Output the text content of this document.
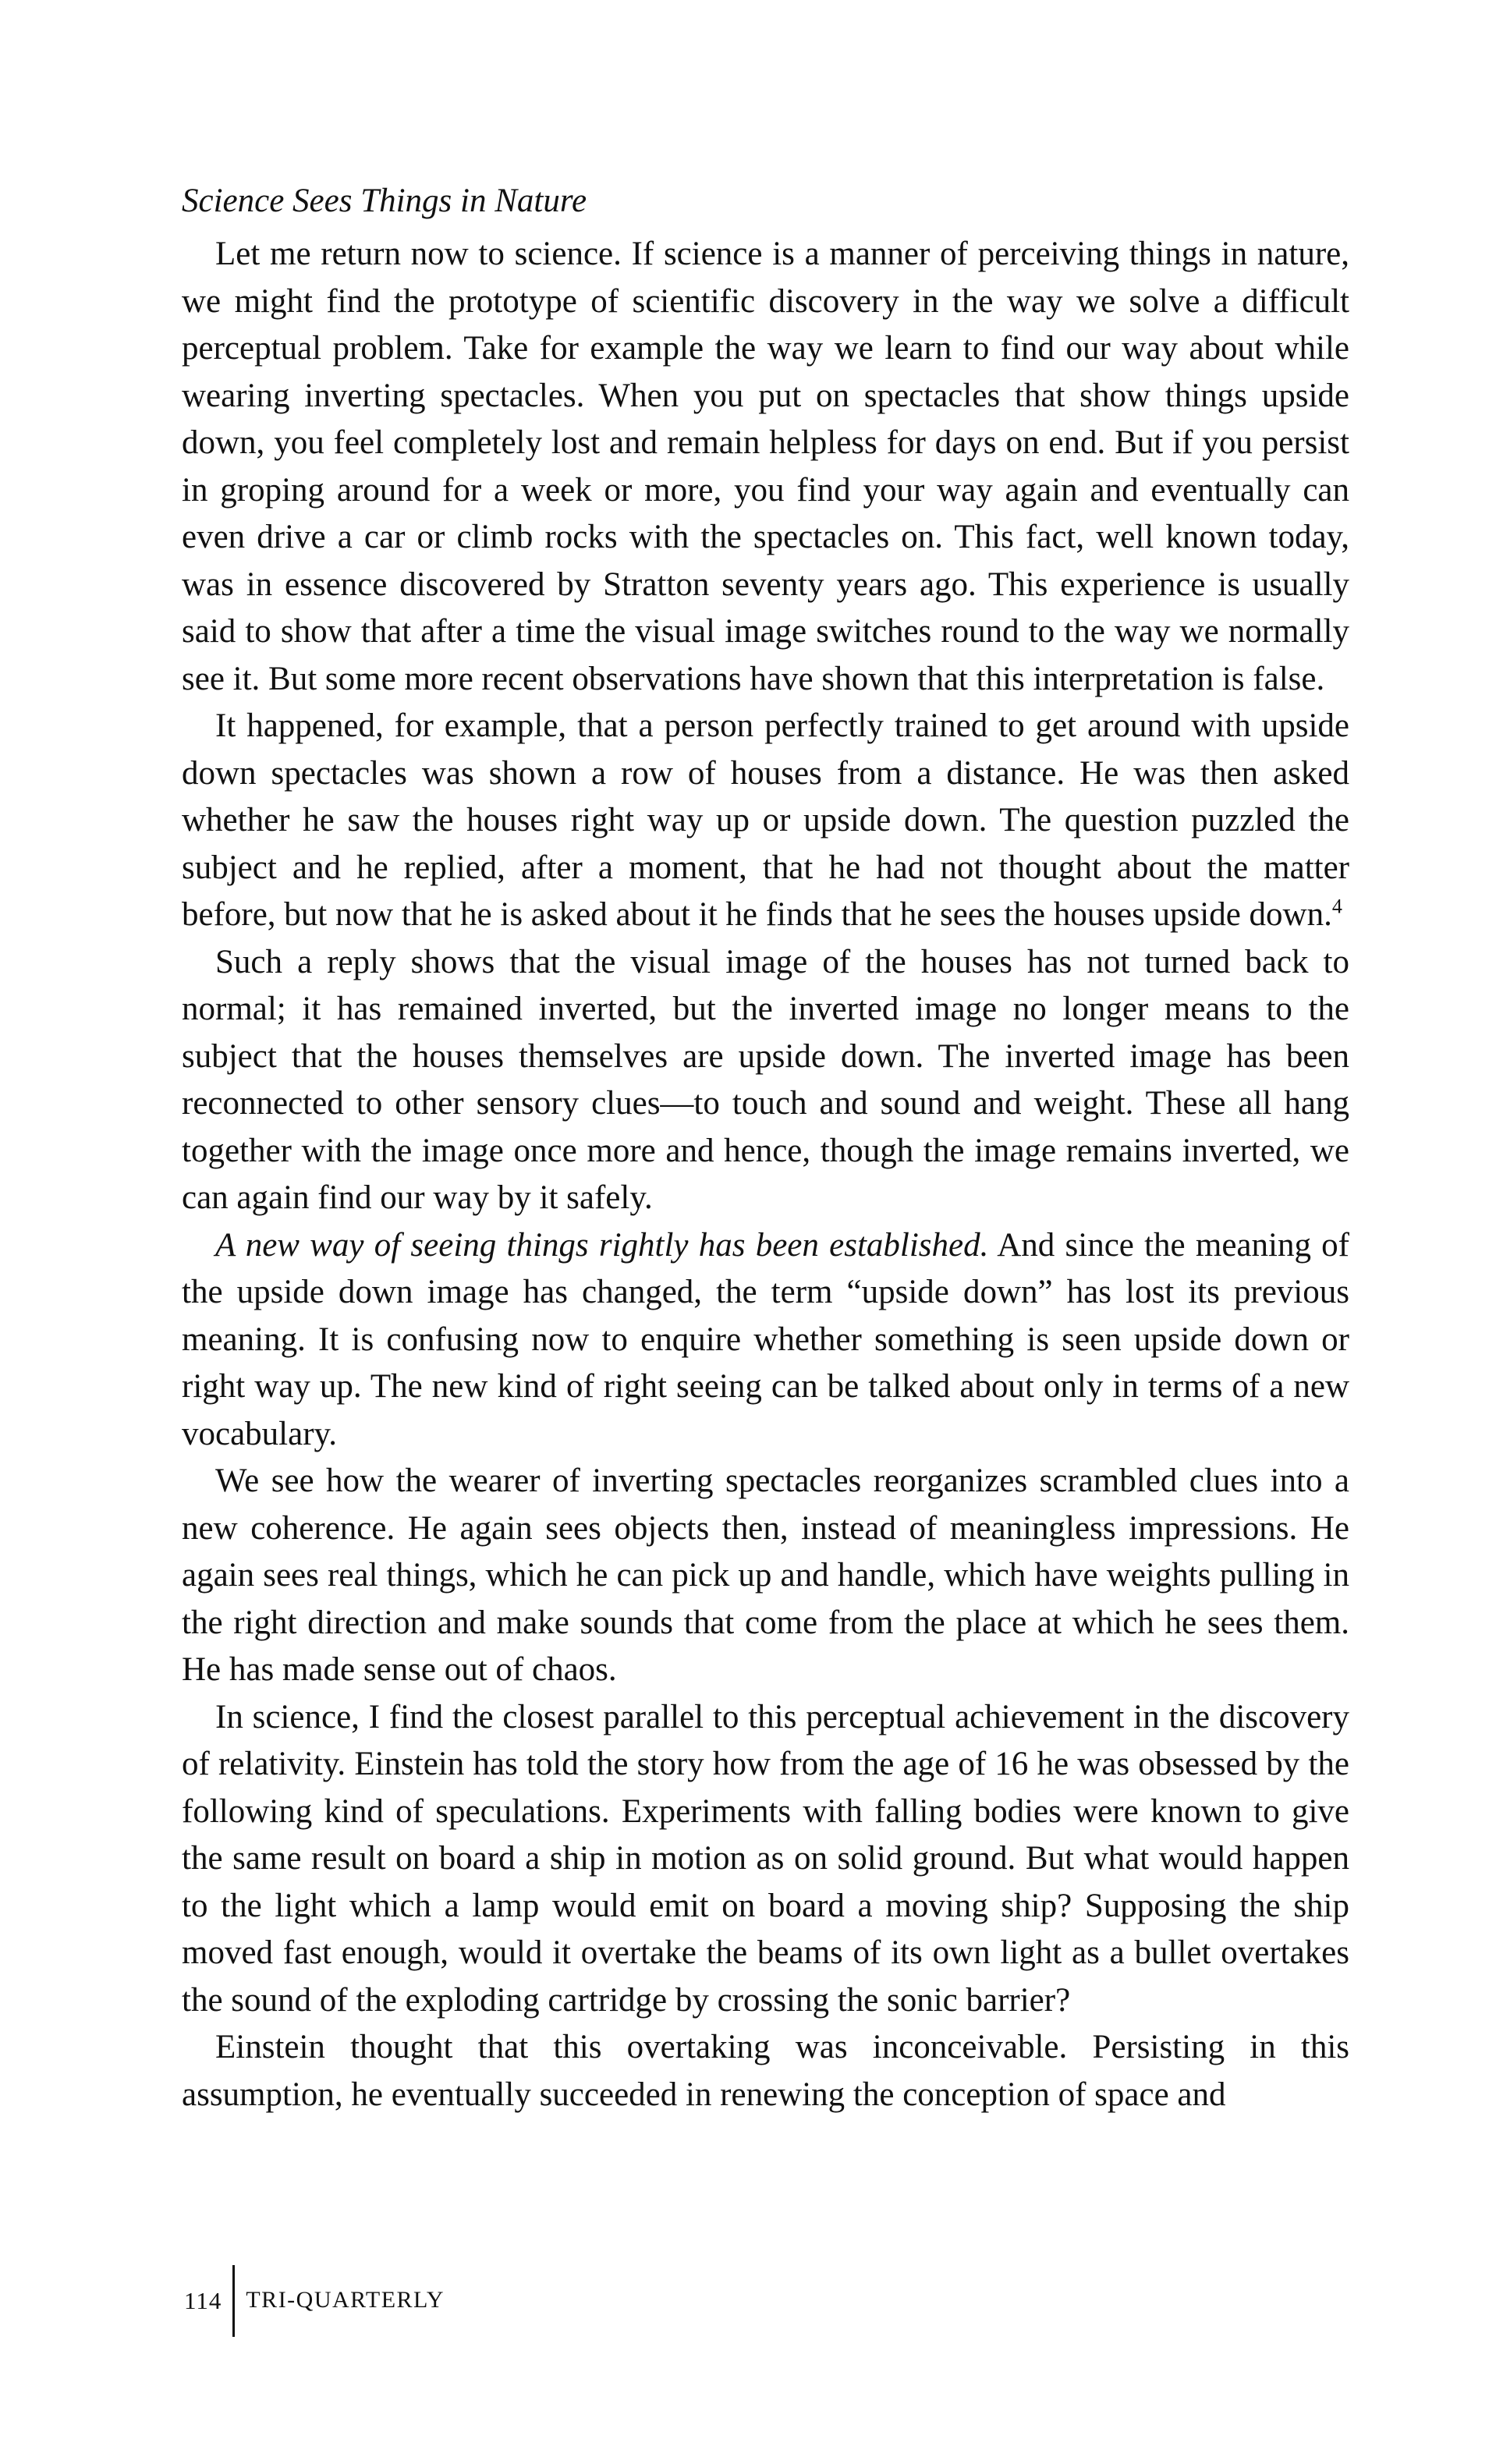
Science Sees Things in Nature

Let me return now to science. If science is a manner of perceiving things in nature, we might find the prototype of scientific discovery in the way we solve a difficult perceptual problem. Take for example the way we learn to find our way about while wearing inverting spectacles. When you put on spectacles that show things upside down, you feel completely lost and remain helpless for days on end. But if you persist in groping around for a week or more, you find your way again and eventually can even drive a car or climb rocks with the spectacles on. This fact, well known today, was in essence discovered by Stratton seventy years ago. This experience is usually said to show that after a time the visual image switches round to the way we normally see it. But some more recent observations have shown that this interpretation is false.

It happened, for example, that a person perfectly trained to get around with upside down spectacles was shown a row of houses from a distance. He was then asked whether he saw the houses right way up or upside down. The question puzzled the subject and he replied, after a moment, that he had not thought about the matter before, but now that he is asked about it he finds that he sees the houses upside down.$^4$

Such a reply shows that the visual image of the houses has not turned back to normal; it has remained inverted, but the inverted image no longer means to the subject that the houses themselves are upside down. The inverted image has been reconnected to other sensory clues—to touch and sound and weight. These all hang together with the image once more and hence, though the image remains inverted, we can again find our way by it safely.

A new way of seeing things rightly has been established. And since the meaning of the upside down image has changed, the term “upside down” has lost its previous meaning. It is confusing now to enquire whether something is seen upside down or right way up. The new kind of right seeing can be talked about only in terms of a new vocabulary.

We see how the wearer of inverting spectacles reorganizes scrambled clues into a new coherence. He again sees objects then, instead of meaningless impressions. He again sees real things, which he can pick up and handle, which have weights pulling in the right direction and make sounds that come from the place at which he sees them. He has made sense out of chaos.

In science, I find the closest parallel to this perceptual achievement in the discovery of relativity. Einstein has told the story how from the age of 16 he was obsessed by the following kind of speculations. Experiments with falling bodies were known to give the same result on board a ship in motion as on solid ground. But what would happen to the light which a lamp would emit on board a moving ship? Supposing the ship moved fast enough, would it overtake the beams of its own light as a bullet overtakes the sound of the exploding cartridge by crossing the sonic barrier?

Einstein thought that this overtaking was inconceivable. Persisting in this assumption, he eventually succeeded in renewing the conception of space and

114	TRI-QUARTERLY
